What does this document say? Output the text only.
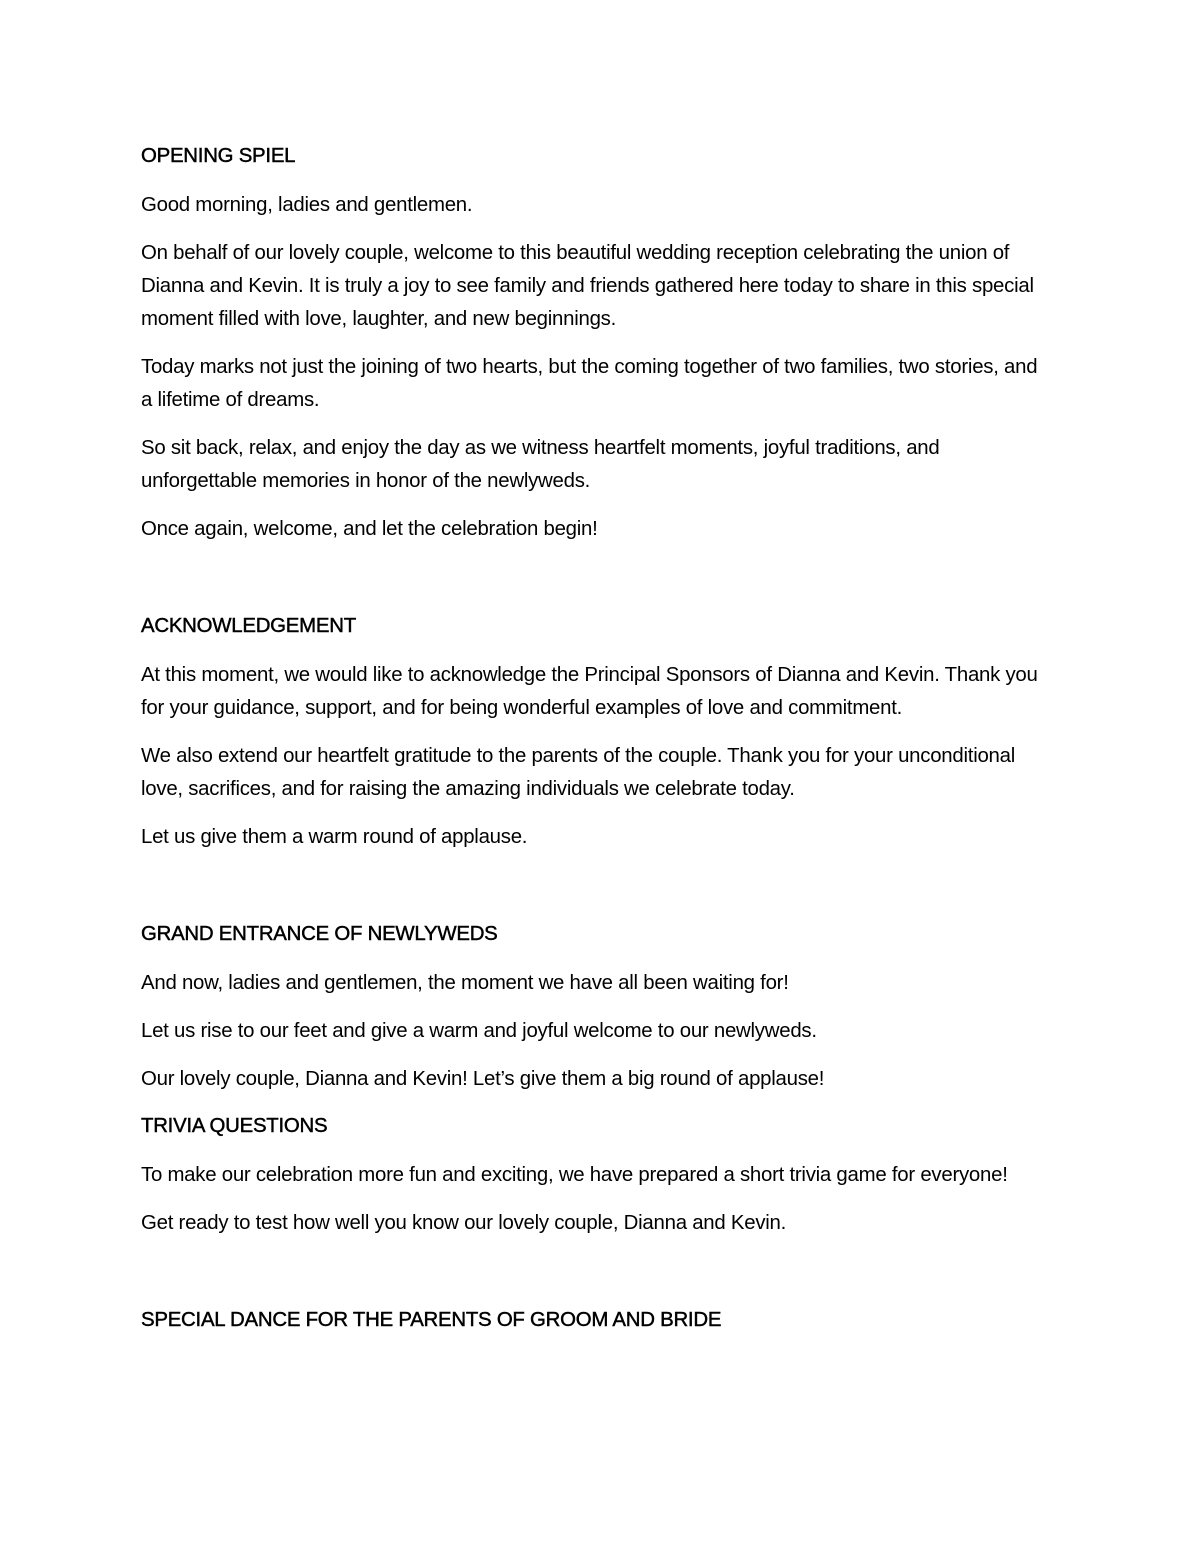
OPENING SPIEL

Good morning, ladies and gentlemen.

On behalf of our lovely couple, welcome to this beautiful wedding reception celebrating the union of Dianna and Kevin. It is truly a joy to see family and friends gathered here today to share in this special moment filled with love, laughter, and new beginnings.

Today marks not just the joining of two hearts, but the coming together of two families, two stories, and a lifetime of dreams.

So sit back, relax, and enjoy the day as we witness heartfelt moments, joyful traditions, and unforgettable memories in honor of the newlyweds.

Once again, welcome, and let the celebration begin!

ACKNOWLEDGEMENT

At this moment, we would like to acknowledge the Principal Sponsors of Dianna and Kevin. Thank you for your guidance, support, and for being wonderful examples of love and commitment.

We also extend our heartfelt gratitude to the parents of the couple. Thank you for your unconditional love, sacrifices, and for raising the amazing individuals we celebrate today.

Let us give them a warm round of applause.

GRAND ENTRANCE OF NEWLYWEDS

And now, ladies and gentlemen, the moment we have all been waiting for!

Let us rise to our feet and give a warm and joyful welcome to our newlyweds.

Our lovely couple, Dianna and Kevin! Let’s give them a big round of applause!

TRIVIA QUESTIONS

To make our celebration more fun and exciting, we have prepared a short trivia game for everyone!

Get ready to test how well you know our lovely couple, Dianna and Kevin.

SPECIAL DANCE FOR THE PARENTS OF GROOM AND BRIDE
